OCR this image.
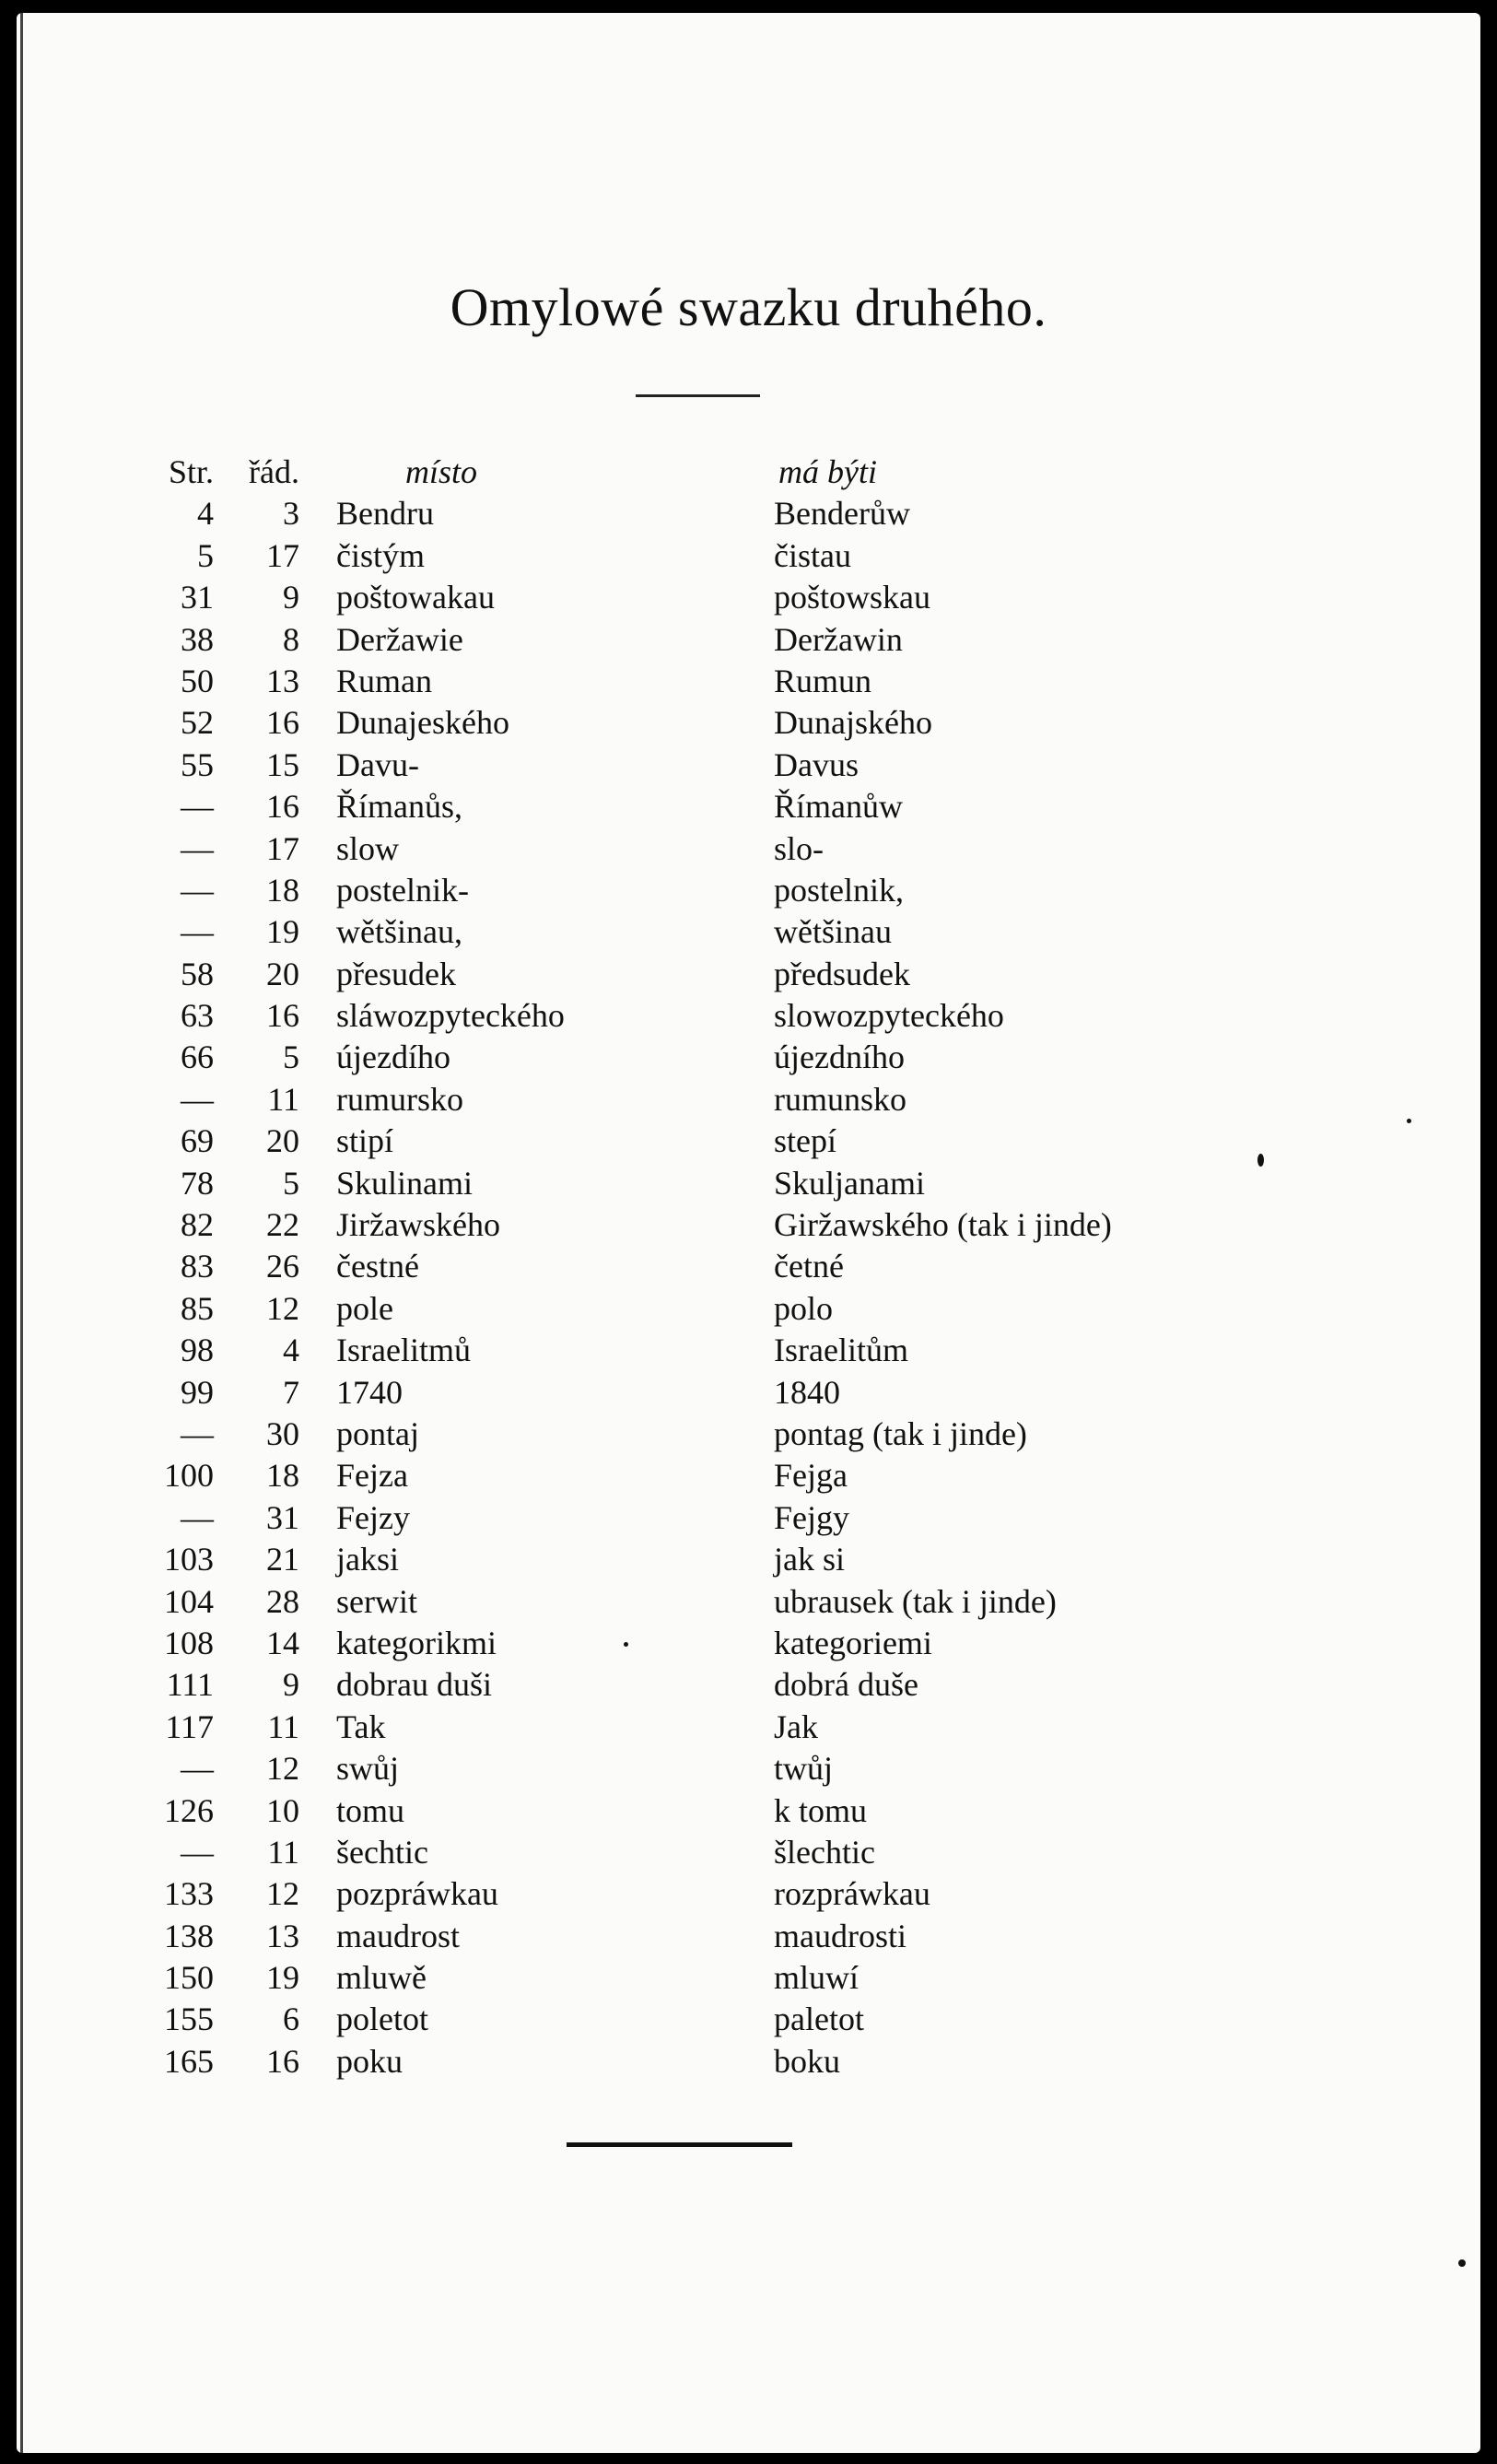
Omylowé swazku druhého.
Str. řád.	místo	má býti
4 3 Bendru	Benderůw
5 17 čistým	čistau
31 9 poštowakau	poštowskau
38 8 Deržawie	Deržawin
50 13 Ruman	Rumun
52 16 Dunajeského	Dunajského
55 15 Davu-	Davus
— 16 Římanůs,	Římanůw
— 17 slow	slo-
— 18 postelnik-	postelnik,
— 19 wětšinau,	wětšinau
58 20 přesudek	předsudek
63 16 sláwozpyteckého	slowozpyteckého
66 5 újezdího	újezdního
— 11 rumursko	rumunsko
69 20 stipí	stepí
78 5 Skulinami	Skuljanami
82 22 Jiržawského	Giržawského (tak i jinde)
83 26 čestné	četné
85 12 pole	polo
98 4 Israelitmů	Israelitům
99 7 1740	1840
— 30 pontaj	pontag (tak i jinde)
100 18 Fejza	Fejga
— 31 Fejzy	Fejgy
103 21 jaksi	jak si
104 28 serwit	ubrausek (tak i jinde)
108 14 kategorikmi	kategoriemi
111 9 dobrau duši	dobrá duše
117 11 Tak	Jak
— 12 swůj	twůj
126 10 tomu	k tomu
— 11 šechtic	šlechtic
133 12 pozpráwkau	rozpráwkau
138 13 maudrost	maudrosti
150 19 mluwě	mluwí
155 6 poletot	paletot
165 16 poku	boku
